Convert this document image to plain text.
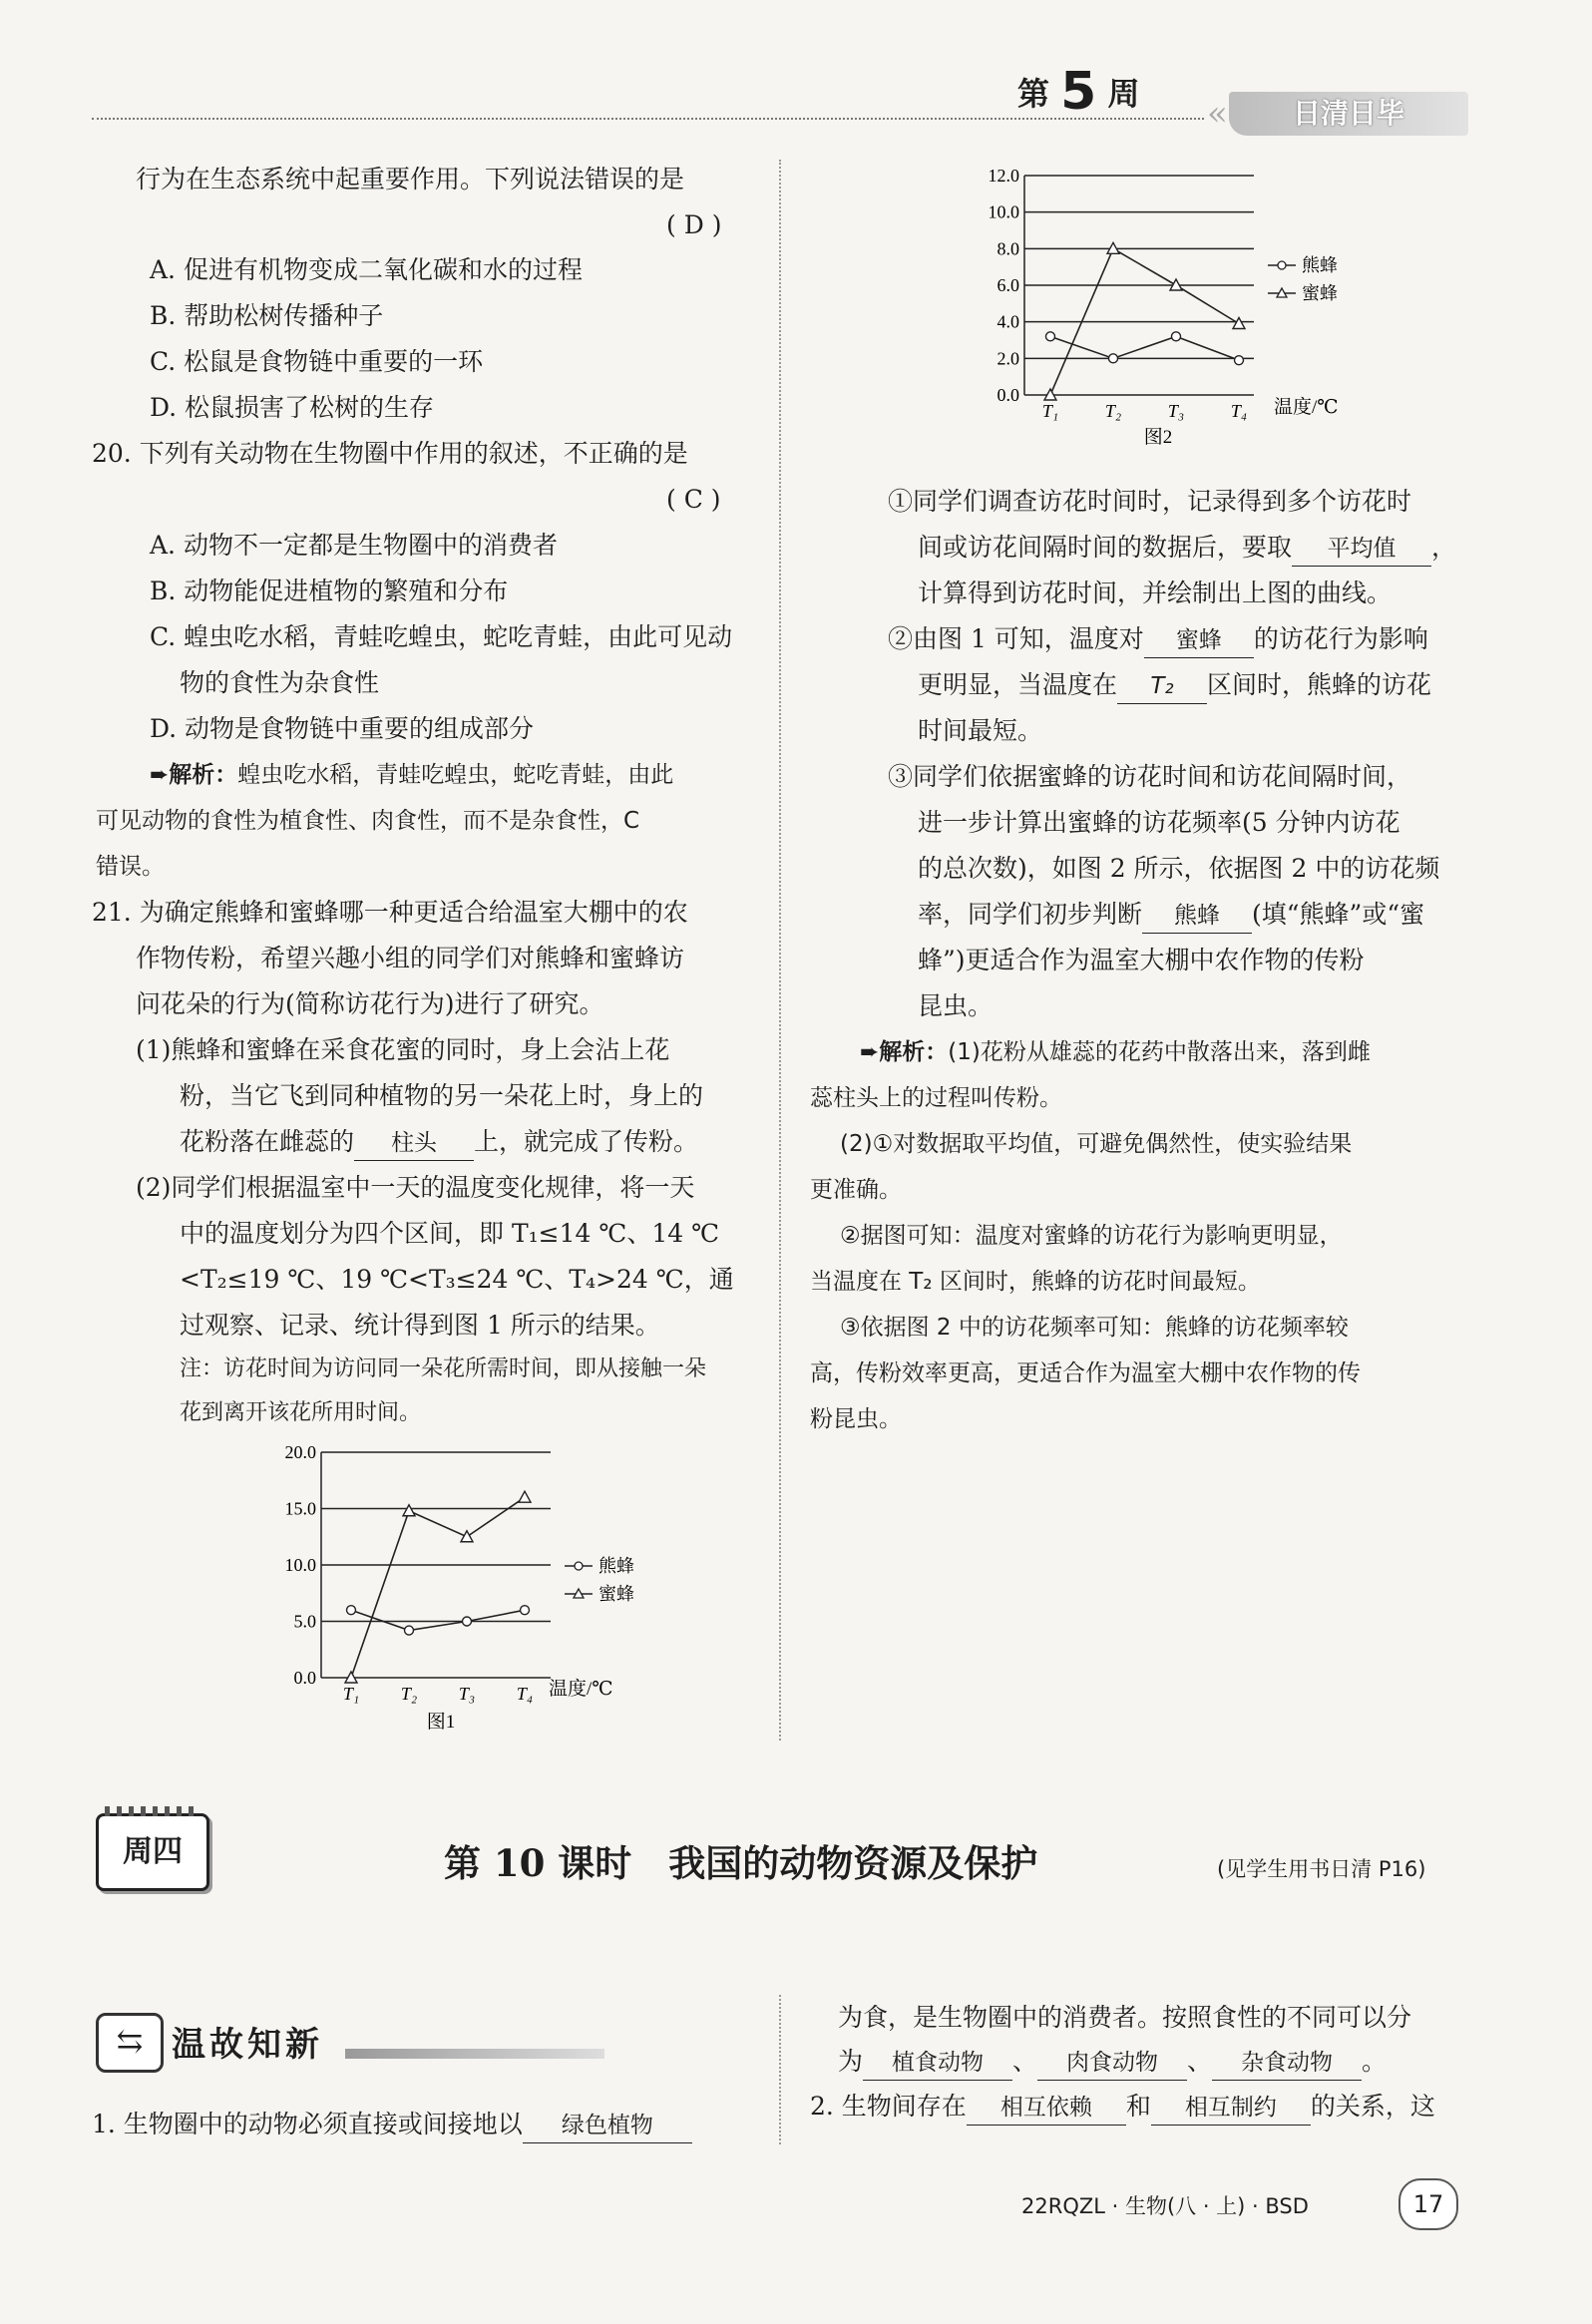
第 5 周
日清日毕
«
行为在生态系统中起重要作用。下列说法错误的是
( D )
A. 促进有机物变成二氧化碳和水的过程
B. 帮助松树传播种子
C. 松鼠是食物链中重要的一环
D. 松鼠损害了松树的生存
20. 下列有关动物在生物圈中作用的叙述，不正确的是
( C )
A. 动物不一定都是生物圈中的消费者
B. 动物能促进植物的繁殖和分布
C. 蝗虫吃水稻，青蛙吃蝗虫，蛇吃青蛙，由此可见动
物的食性为杂食性
D. 动物是食物链中重要的组成部分
➨解析：蝗虫吃水稻，青蛙吃蝗虫，蛇吃青蛙，由此
可见动物的食性为植食性、肉食性，而不是杂食性，C
错误。
21. 为确定熊蜂和蜜蜂哪一种更适合给温室大棚中的农
作物传粉，希望兴趣小组的同学们对熊蜂和蜜蜂访
问花朵的行为(简称访花行为)进行了研究。
(1)熊蜂和蜜蜂在采食花蜜的同时，身上会沾上花
粉，当它飞到同种植物的另一朵花上时，身上的
花粉落在雌蕊的 柱头 上，就完成了传粉。
(2)同学们根据温室中一天的温度变化规律，将一天
中的温度划分为四个区间，即 T₁≤14 ℃、14 ℃
<T₂≤19 ℃、19 ℃<T₃≤24 ℃、T₄>24 ℃，通
过观察、记录、统计得到图 1 所示的结果。
注：访花时间为访问同一朵花所需时间，即从接触一朵
花到离开该花所用时间。
0.0
5.0
10.0
15.0
20.0
T₁ T₂ T₃ T₄
熊蜂
蜜蜂
温度/℃
图1
0.0
2.0
4.0
6.0
8.0
10.0
12.0
T₁	T₂	T₃	T₄
熊蜂
蜜蜂
温度/℃
图2
①同学们调查访花时间时，记录得到多个访花时
间或访花间隔时间的数据后，要取 平均值 ，
计算得到访花时间，并绘制出上图的曲线。
②由图 1 可知，温度对 蜜蜂 的访花行为影响
更明显，当温度在 T₂ 区间时，熊蜂的访花
时间最短。
③同学们依据蜜蜂的访花时间和访花间隔时间，
进一步计算出蜜蜂的访花频率(5 分钟内访花
的总次数)，如图 2 所示，依据图 2 中的访花频
率，同学们初步判断 熊蜂 (填“熊蜂”或“蜜
蜂”)更适合作为温室大棚中农作物的传粉
昆虫。
➨解析：(1)花粉从雄蕊的花药中散落出来，落到雌
蕊柱头上的过程叫传粉。
(2)①对数据取平均值，可避免偶然性，使实验结果
更准确。
②据图可知：温度对蜜蜂的访花行为影响更明显，
当温度在 T₂ 区间时，熊蜂的访花时间最短。
③依据图 2 中的访花频率可知：熊蜂的访花频率较
高，传粉效率更高，更适合作为温室大棚中农作物的传
粉昆虫。
周四	第 10 课时　我国的动物资源及保护	(见学生用书日清 P16)
⇆ 温故知新
1. 生物圈中的动物必须直接或间接地以 绿色植物
为食，是生物圈中的消费者。按照食性的不同可以分
为 植食动物 、 肉食动物 、 杂食动物 。
2. 生物间存在 相互依赖 和 相互制约 的关系，这
22RQZL · 生物(八 · 上) · BSD	17
